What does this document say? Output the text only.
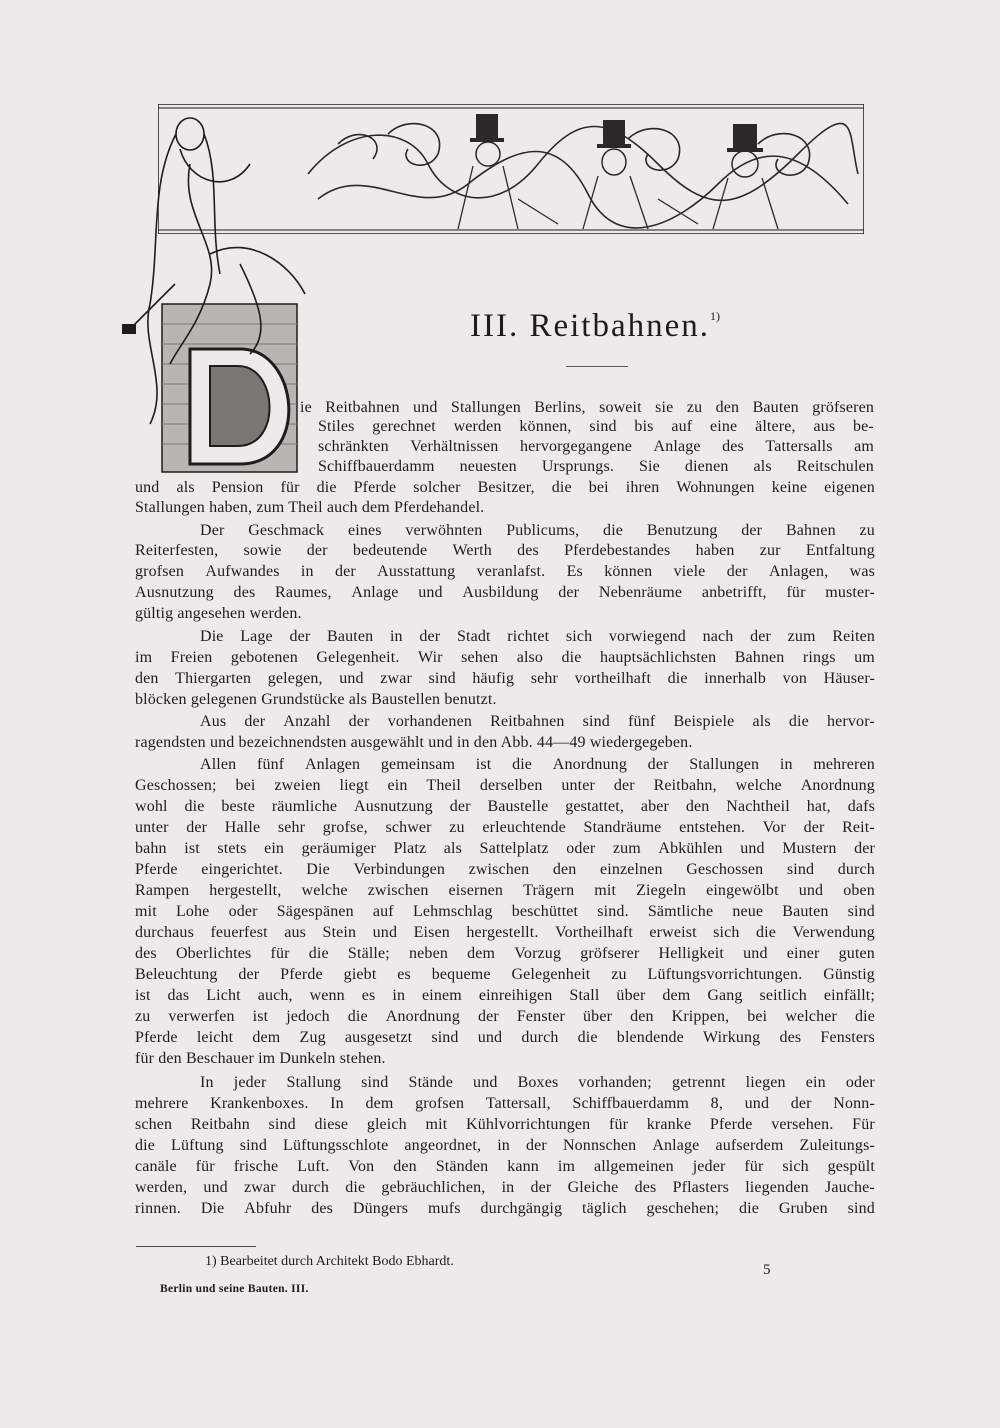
III. Reitbahnen.$^{1)}$
ie Reitbahnen und Stallungen Berlins, soweit sie zu den Bauten gröfseren
Stiles gerechnet werden können, sind bis auf eine ältere, aus be-
schränkten Verhältnissen hervorgegangene Anlage des Tattersalls am
Schiffbauerdamm neuesten Ursprungs. Sie dienen als Reitschulen
und als Pension für die Pferde solcher Besitzer, die bei ihren Wohnungen keine eigenen
Stallungen haben, zum Theil auch dem Pferdehandel.
Der Geschmack eines verwöhnten Publicums, die Benutzung der Bahnen zu
Reiterfesten, sowie der bedeutende Werth des Pferdebestandes haben zur Entfaltung
grofsen Aufwandes in der Ausstattung veranlafst. Es können viele der Anlagen, was
Ausnutzung des Raumes, Anlage und Ausbildung der Nebenräume anbetrifft, für muster-
gültig angesehen werden.
Die Lage der Bauten in der Stadt richtet sich vorwiegend nach der zum Reiten
im Freien gebotenen Gelegenheit. Wir sehen also die hauptsächlichsten Bahnen rings um
den Thiergarten gelegen, und zwar sind häufig sehr vortheilhaft die innerhalb von Häuser-
blöcken gelegenen Grundstücke als Baustellen benutzt.
Aus der Anzahl der vorhandenen Reitbahnen sind fünf Beispiele als die hervor-
ragendsten und bezeichnendsten ausgewählt und in den Abb. 44—49 wiedergegeben.
Allen fünf Anlagen gemeinsam ist die Anordnung der Stallungen in mehreren
Geschossen; bei zweien liegt ein Theil derselben unter der Reitbahn, welche Anordnung
wohl die beste räumliche Ausnutzung der Baustelle gestattet, aber den Nachtheil hat, dafs
unter der Halle sehr grofse, schwer zu erleuchtende Standräume entstehen. Vor der Reit-
bahn ist stets ein geräumiger Platz als Sattelplatz oder zum Abkühlen und Mustern der
Pferde eingerichtet. Die Verbindungen zwischen den einzelnen Geschossen sind durch
Rampen hergestellt, welche zwischen eisernen Trägern mit Ziegeln eingewölbt und oben
mit Lohe oder Sägespänen auf Lehmschlag beschüttet sind. Sämtliche neue Bauten sind
durchaus feuerfest aus Stein und Eisen hergestellt. Vortheilhaft erweist sich die Verwendung
des Oberlichtes für die Ställe; neben dem Vorzug gröfserer Helligkeit und einer guten
Beleuchtung der Pferde giebt es bequeme Gelegenheit zu Lüftungsvorrichtungen. Günstig
ist das Licht auch, wenn es in einem einreihigen Stall über dem Gang seitlich einfällt;
zu verwerfen ist jedoch die Anordnung der Fenster über den Krippen, bei welcher die
Pferde leicht dem Zug ausgesetzt sind und durch die blendende Wirkung des Fensters
für den Beschauer im Dunkeln stehen.
In jeder Stallung sind Stände und Boxes vorhanden; getrennt liegen ein oder
mehrere Krankenboxes. In dem grofsen Tattersall, Schiffbauerdamm 8, und der Nonn-
schen Reitbahn sind diese gleich mit Kühlvorrichtungen für kranke Pferde versehen. Für
die Lüftung sind Lüftungsschlote angeordnet, in der Nonnschen Anlage aufserdem Zuleitungs-
canäle für frische Luft. Von den Ständen kann im allgemeinen jeder für sich gespült
werden, und zwar durch die gebräuchlichen, in der Gleiche des Pflasters liegenden Jauche-
rinnen. Die Abfuhr des Düngers mufs durchgängig täglich geschehen; die Gruben sind
1) Bearbeitet durch Architekt Bodo Ebhardt.
5
Berlin und seine Bauten. III.
